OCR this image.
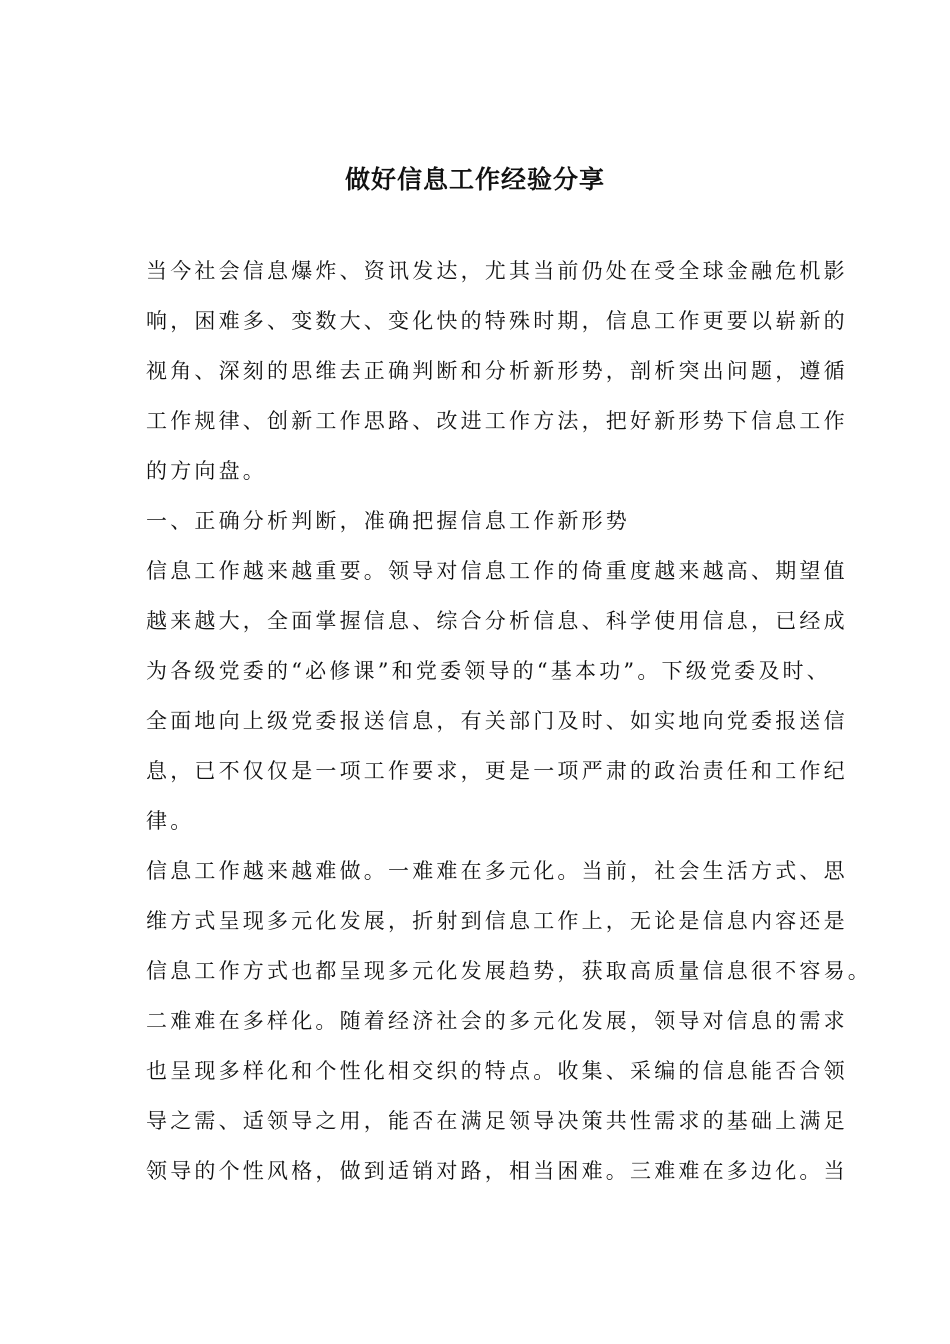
做好信息工作经验分享
当今社会信息爆炸、资讯发达，尤其当前仍处在受全球金融危机影
响，困难多、变数大、变化快的特殊时期，信息工作更要以崭新的
视角、深刻的思维去正确判断和分析新形势，剖析突出问题，遵循
工作规律、创新工作思路、改进工作方法，把好新形势下信息工作
的方向盘。
一、正确分析判断，准确把握信息工作新形势
信息工作越来越重要。领导对信息工作的倚重度越来越高、期望值
越来越大，全面掌握信息、综合分析信息、科学使用信息，已经成
为各级党委的“必修课”和党委领导的“基本功”。下级党委及时、
全面地向上级党委报送信息，有关部门及时、如实地向党委报送信
息，已不仅仅是一项工作要求，更是一项严肃的政治责任和工作纪
律。
信息工作越来越难做。一难难在多元化。当前，社会生活方式、思
维方式呈现多元化发展，折射到信息工作上，无论是信息内容还是
信息工作方式也都呈现多元化发展趋势，获取高质量信息很不容易。
二难难在多样化。随着经济社会的多元化发展，领导对信息的需求
也呈现多样化和个性化相交织的特点。收集、采编的信息能否合领
导之需、适领导之用，能否在满足领导决策共性需求的基础上满足
领导的个性风格，做到适销对路，相当困难。三难难在多边化。当
